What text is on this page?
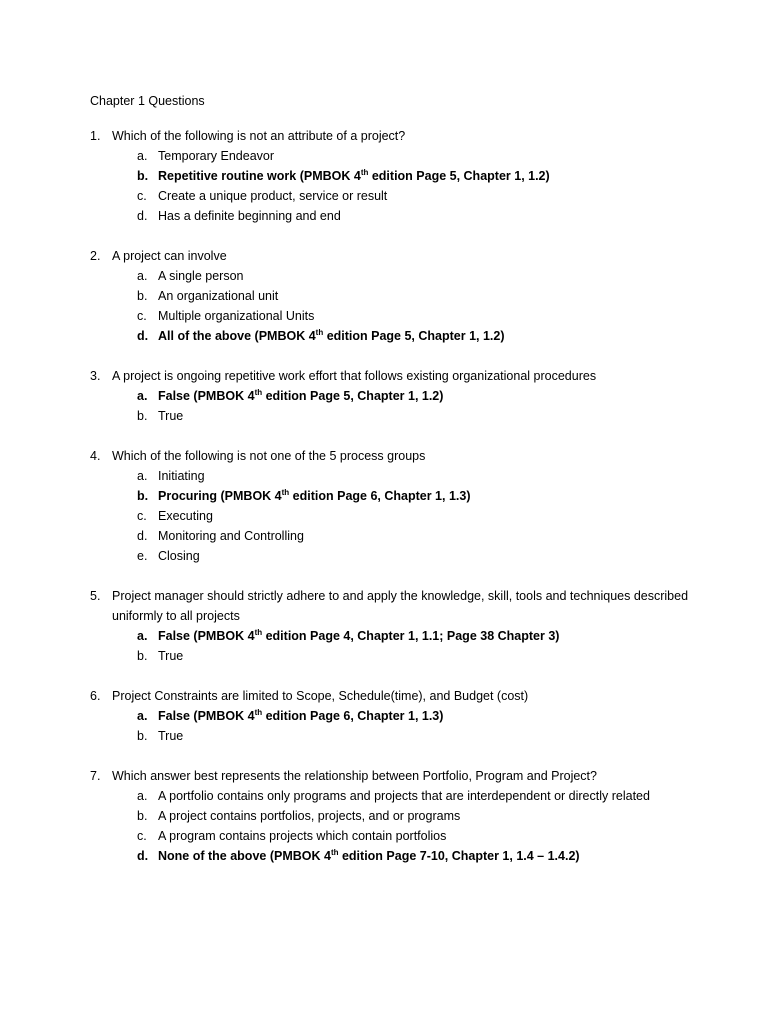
Chapter 1 Questions
1. Which of the following is not an attribute of a project?
a. Temporary Endeavor
b. Repetitive routine work (PMBOK 4th edition Page 5, Chapter 1, 1.2)
c. Create a unique product, service or result
d. Has a definite beginning and end
2. A project can involve
a. A single person
b. An organizational unit
c. Multiple organizational Units
d. All of the above (PMBOK 4th edition Page 5, Chapter 1, 1.2)
3. A project is ongoing repetitive work effort that follows existing organizational procedures
a. False (PMBOK 4th edition Page 5, Chapter 1, 1.2)
b. True
4. Which of the following is not one of the 5 process groups
a. Initiating
b. Procuring (PMBOK 4th edition Page 6, Chapter 1, 1.3)
c. Executing
d. Monitoring and Controlling
e. Closing
5. Project manager should strictly adhere to and apply the knowledge, skill, tools and techniques described uniformly to all projects
a. False (PMBOK 4th edition Page 4, Chapter 1, 1.1; Page 38 Chapter 3)
b. True
6. Project Constraints are limited to Scope, Schedule(time), and Budget (cost)
a. False (PMBOK 4th edition Page 6, Chapter 1, 1.3)
b. True
7. Which answer best represents the relationship between Portfolio, Program and Project?
a. A portfolio contains only programs and projects that are interdependent or directly related
b. A project contains portfolios, projects, and or programs
c. A program contains projects which contain portfolios
d. None of the above (PMBOK 4th edition Page 7-10, Chapter 1, 1.4 – 1.4.2)
